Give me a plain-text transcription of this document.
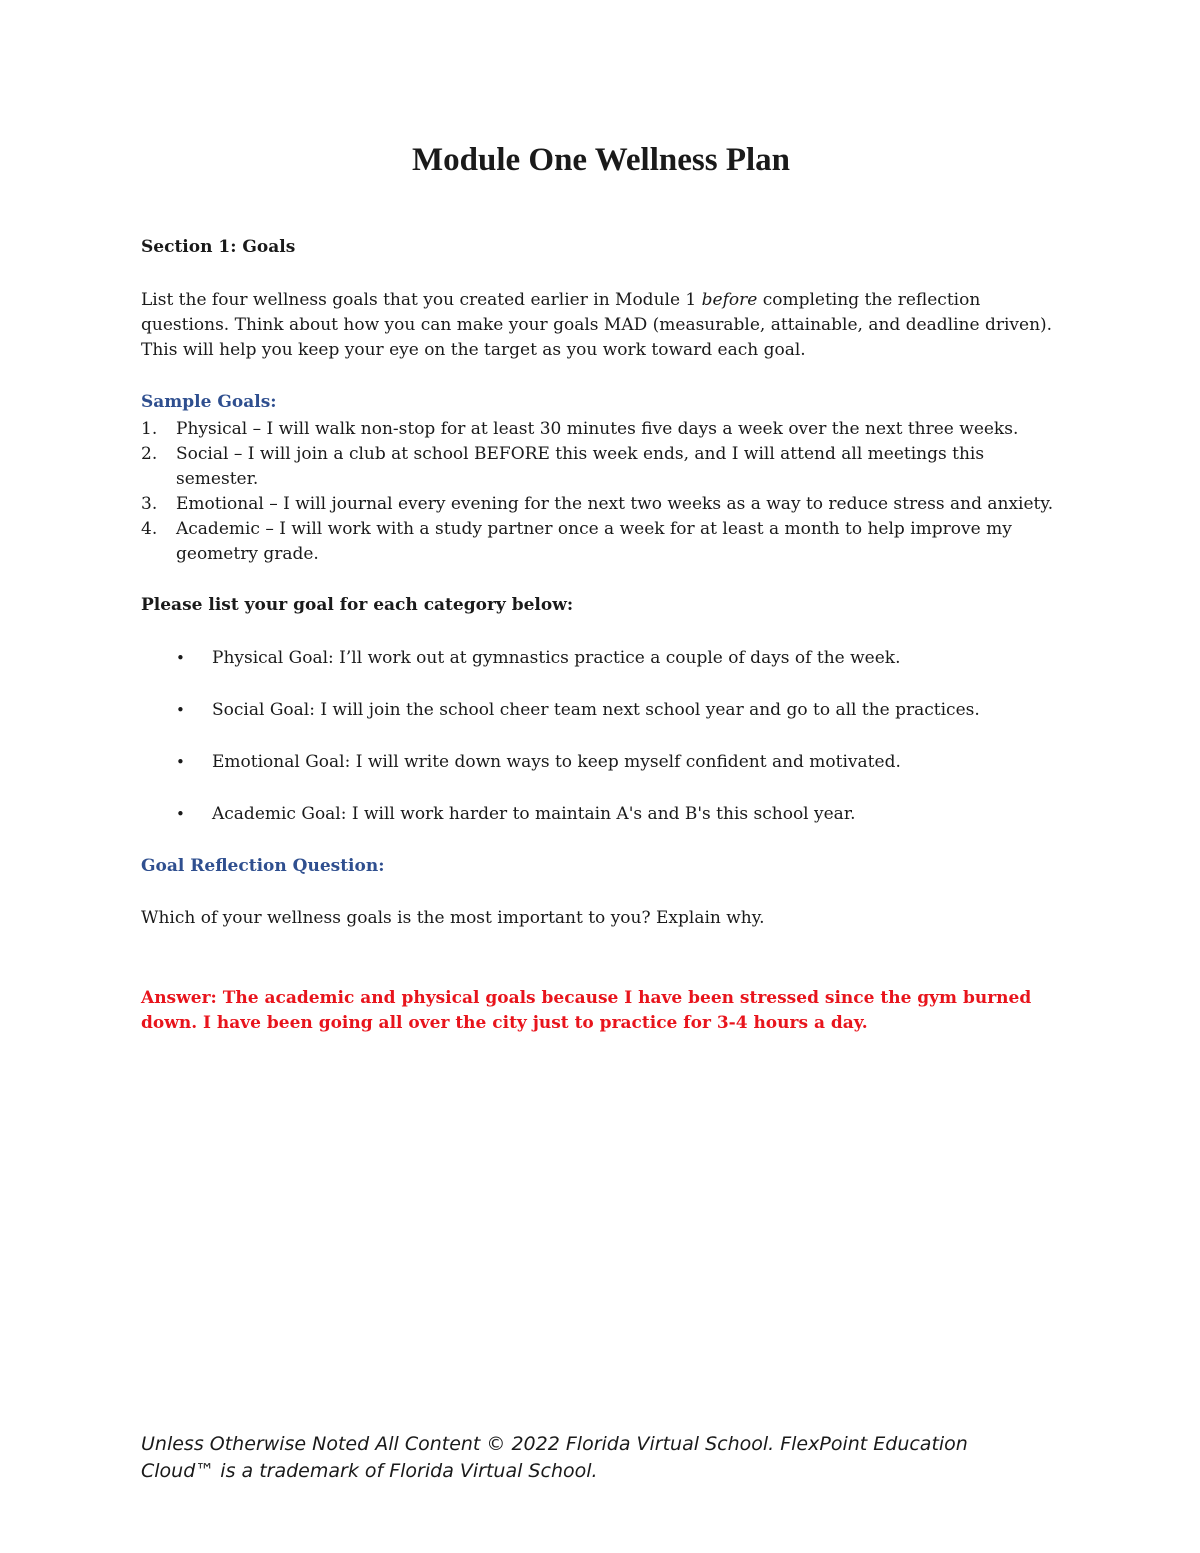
Module One Wellness Plan

Section 1: Goals

List the four wellness goals that you created earlier in Module 1 before completing the reflection questions. Think about how you can make your goals MAD (measurable, attainable, and deadline driven). This will help you keep your eye on the target as you work toward each goal.

Sample Goals:

1. Physical – I will walk non-stop for at least 30 minutes five days a week over the next three weeks.
2. Social – I will join a club at school BEFORE this week ends, and I will attend all meetings this semester.
3. Emotional – I will journal every evening for the next two weeks as a way to reduce stress and anxiety.
4. Academic – I will work with a study partner once a week for at least a month to help improve my geometry grade.

Please list your goal for each category below:

• Physical Goal: I’ll work out at gymnastics practice a couple of days of the week.
• Social Goal: I will join the school cheer team next school year and go to all the practices.
• Emotional Goal: I will write down ways to keep myself confident and motivated.
• Academic Goal: I will work harder to maintain A's and B's this school year.

Goal Reflection Question:

Which of your wellness goals is the most important to you? Explain why.

Answer: The academic and physical goals because I have been stressed since the gym burned down. I have been going all over the city just to practice for 3-4 hours a day.

Unless Otherwise Noted All Content © 2022 Florida Virtual School. FlexPoint Education Cloud™ is a trademark of Florida Virtual School.
